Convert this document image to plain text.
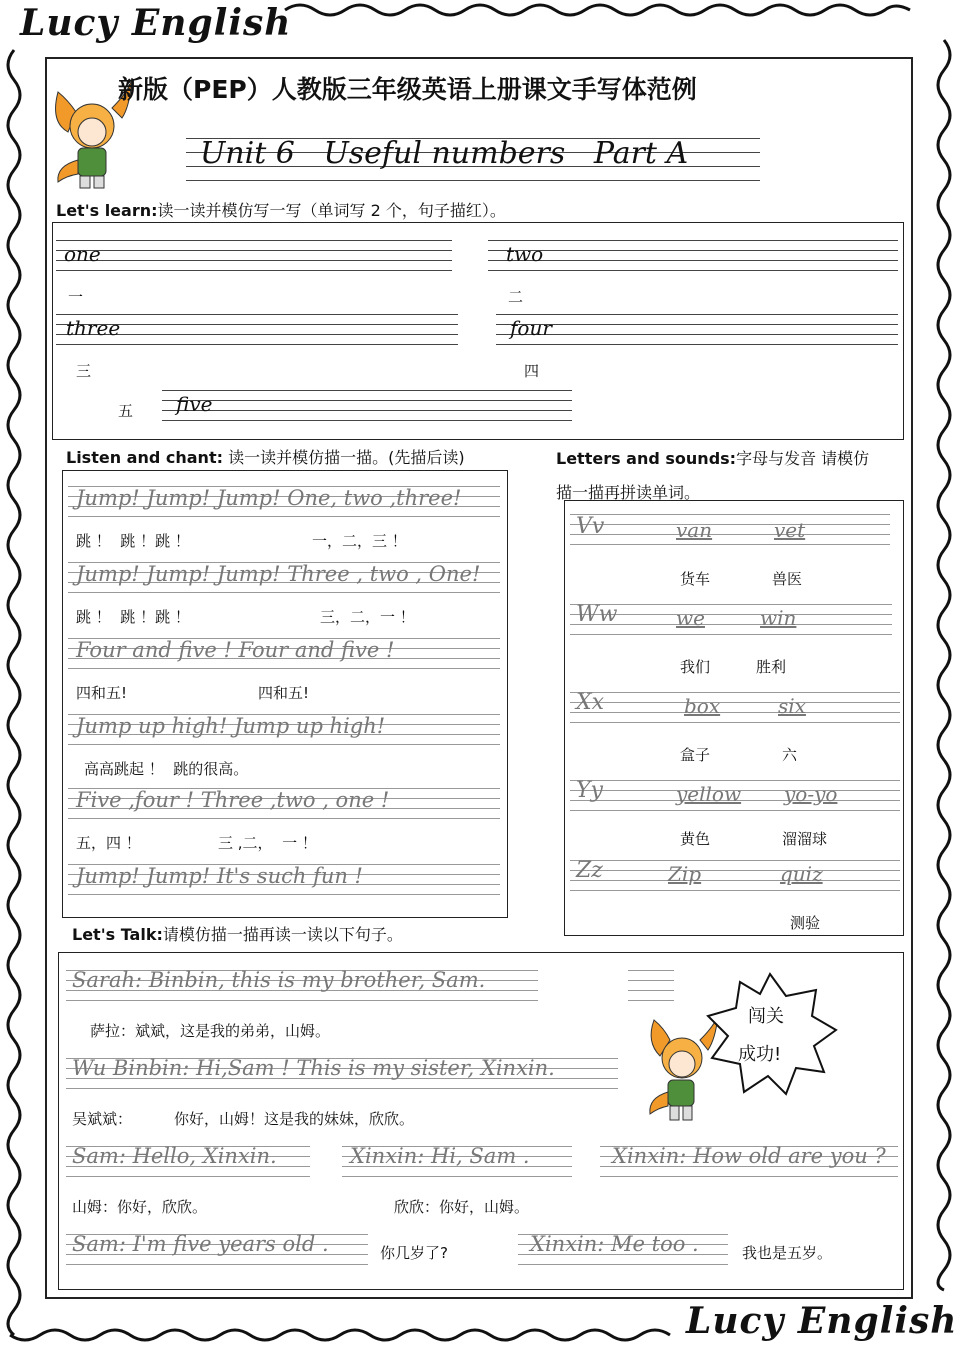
Lucy English
Lucy English
新版（PEP）人教版三年级英语上册课文手写体范例
Unit 6   Useful numbers   Part A
Let's learn:读一读并模仿写一写（单词写 2 个，句子描红）。
one
一
two
二
three
三
four
四
五 five
Listen and chant: 读一读并模仿描一描。(先描后读)
Jump! Jump! Jump! One, two ,three!
跳 ！  跳 ！跳 ！	一，二，三 ！
Jump! Jump! Jump! Three , two , One!
跳 ！  跳 ！跳 ！	三，二，一 ！
Four and five ! Four and five !
四和五!	四和五!
Jump up high! Jump up high!
高高跳起 ！  跳的很高。
Five ,four ! Three ,two , one !
五，四 ！	三 ,二，  一 ！
Jump! Jump! It's such fun !
Letters and sounds:字母与发音 请模仿
描一描再拼读单词。
Vv	van	vet
货车	兽医
Ww	we	win
我们	胜利
Xx	box	six
盒子	六
Yy	yellow yo-yo
黄色	溜溜球
Zz	Zip	quiz
测验
Let's Talk:请模仿描一描再读一读以下句子。
Sarah: Binbin, this is my brother, Sam.
萨拉：斌斌，这是我的弟弟，山姆。
Wu Binbin: Hi,Sam ! This is my sister, Xinxin.
吴斌斌：	你好，山姆！这是我的妹妹，欣欣。
闯关
成功!
Sam: Hello, Xinxin.	Xinxin: Hi, Sam .	Xinxin: How old are you ?
山姆：你好，欣欣。	欣欣：你好，山姆。
Sam: I'm five years old .	你几岁了?	Xinxin: Me too .	我也是五岁。
